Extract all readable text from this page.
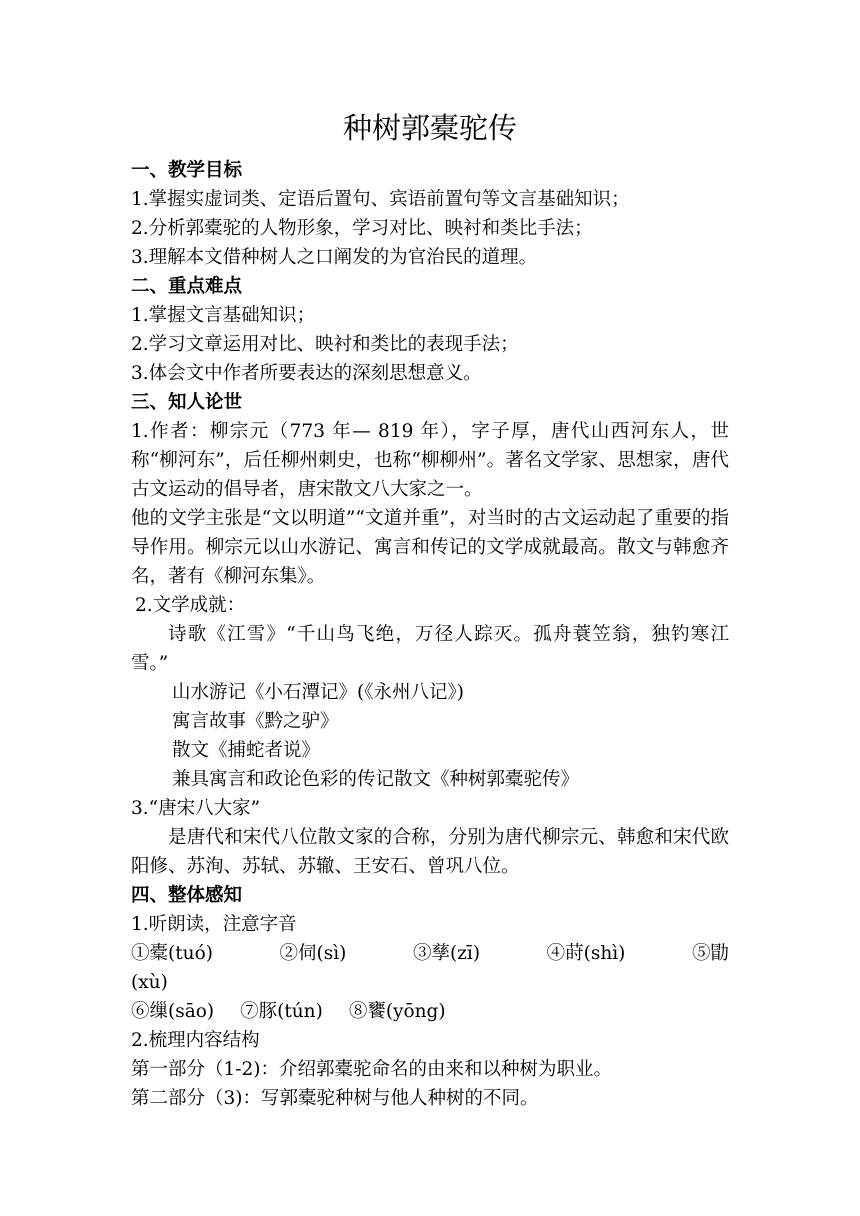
种树郭橐驼传
一、教学目标
1.掌握实虚词类、定语后置句、宾语前置句等文言基础知识；
2.分析郭橐驼的人物形象，学习对比、映衬和类比手法；
3.理解本文借种树人之口阐发的为官治民的道理。
二、重点难点
1.掌握文言基础知识；
2.学习文章运用对比、映衬和类比的表现手法；
3.体会文中作者所要表达的深刻思想意义。
三、知人论世

1.作者：柳宗元（773 年— 819 年），字子厚，唐代山西河东人，世称“柳河东”，后任柳州刺史，也称“柳柳州”。著名文学家、思想家，唐代古文运动的倡导者，唐宋散文八大家之一。

他的文学主张是“文以明道”“文道并重”，对当时的古文运动起了重要的指导作用。柳宗元以山水游记、寓言和传记的文学成就最高。散文与韩愈齐名，著有《柳河东集》。

2.文学成就：

诗歌《江雪》“千山鸟飞绝，万径人踪灭。孤舟蓑笠翁，独钓寒江雪。”

山水游记《小石潭记》(《永州八记》)
寓言故事《黔之驴》
散文《捕蛇者说》
兼具寓言和政论色彩的传记散文《种树郭橐驼传》
3.“唐宋八大家”

是唐代和宋代八位散文家的合称，分别为唐代柳宗元、韩愈和宋代欧阳修、苏洵、苏轼、苏辙、王安石、曾巩八位。

四、整体感知
1.听朗读，注意字音
①橐(tuó)	②伺(sì)	③孳(zī)	④莳(shì)	⑤勖
(xù)
⑥缫(sāo) ⑦豚(tún) ⑧饔(yōng)
2.梳理内容结构
第一部分（1-2)：介绍郭橐驼命名的由来和以种树为职业。
第二部分（3)：写郭橐驼种树与他人种树的不同。
